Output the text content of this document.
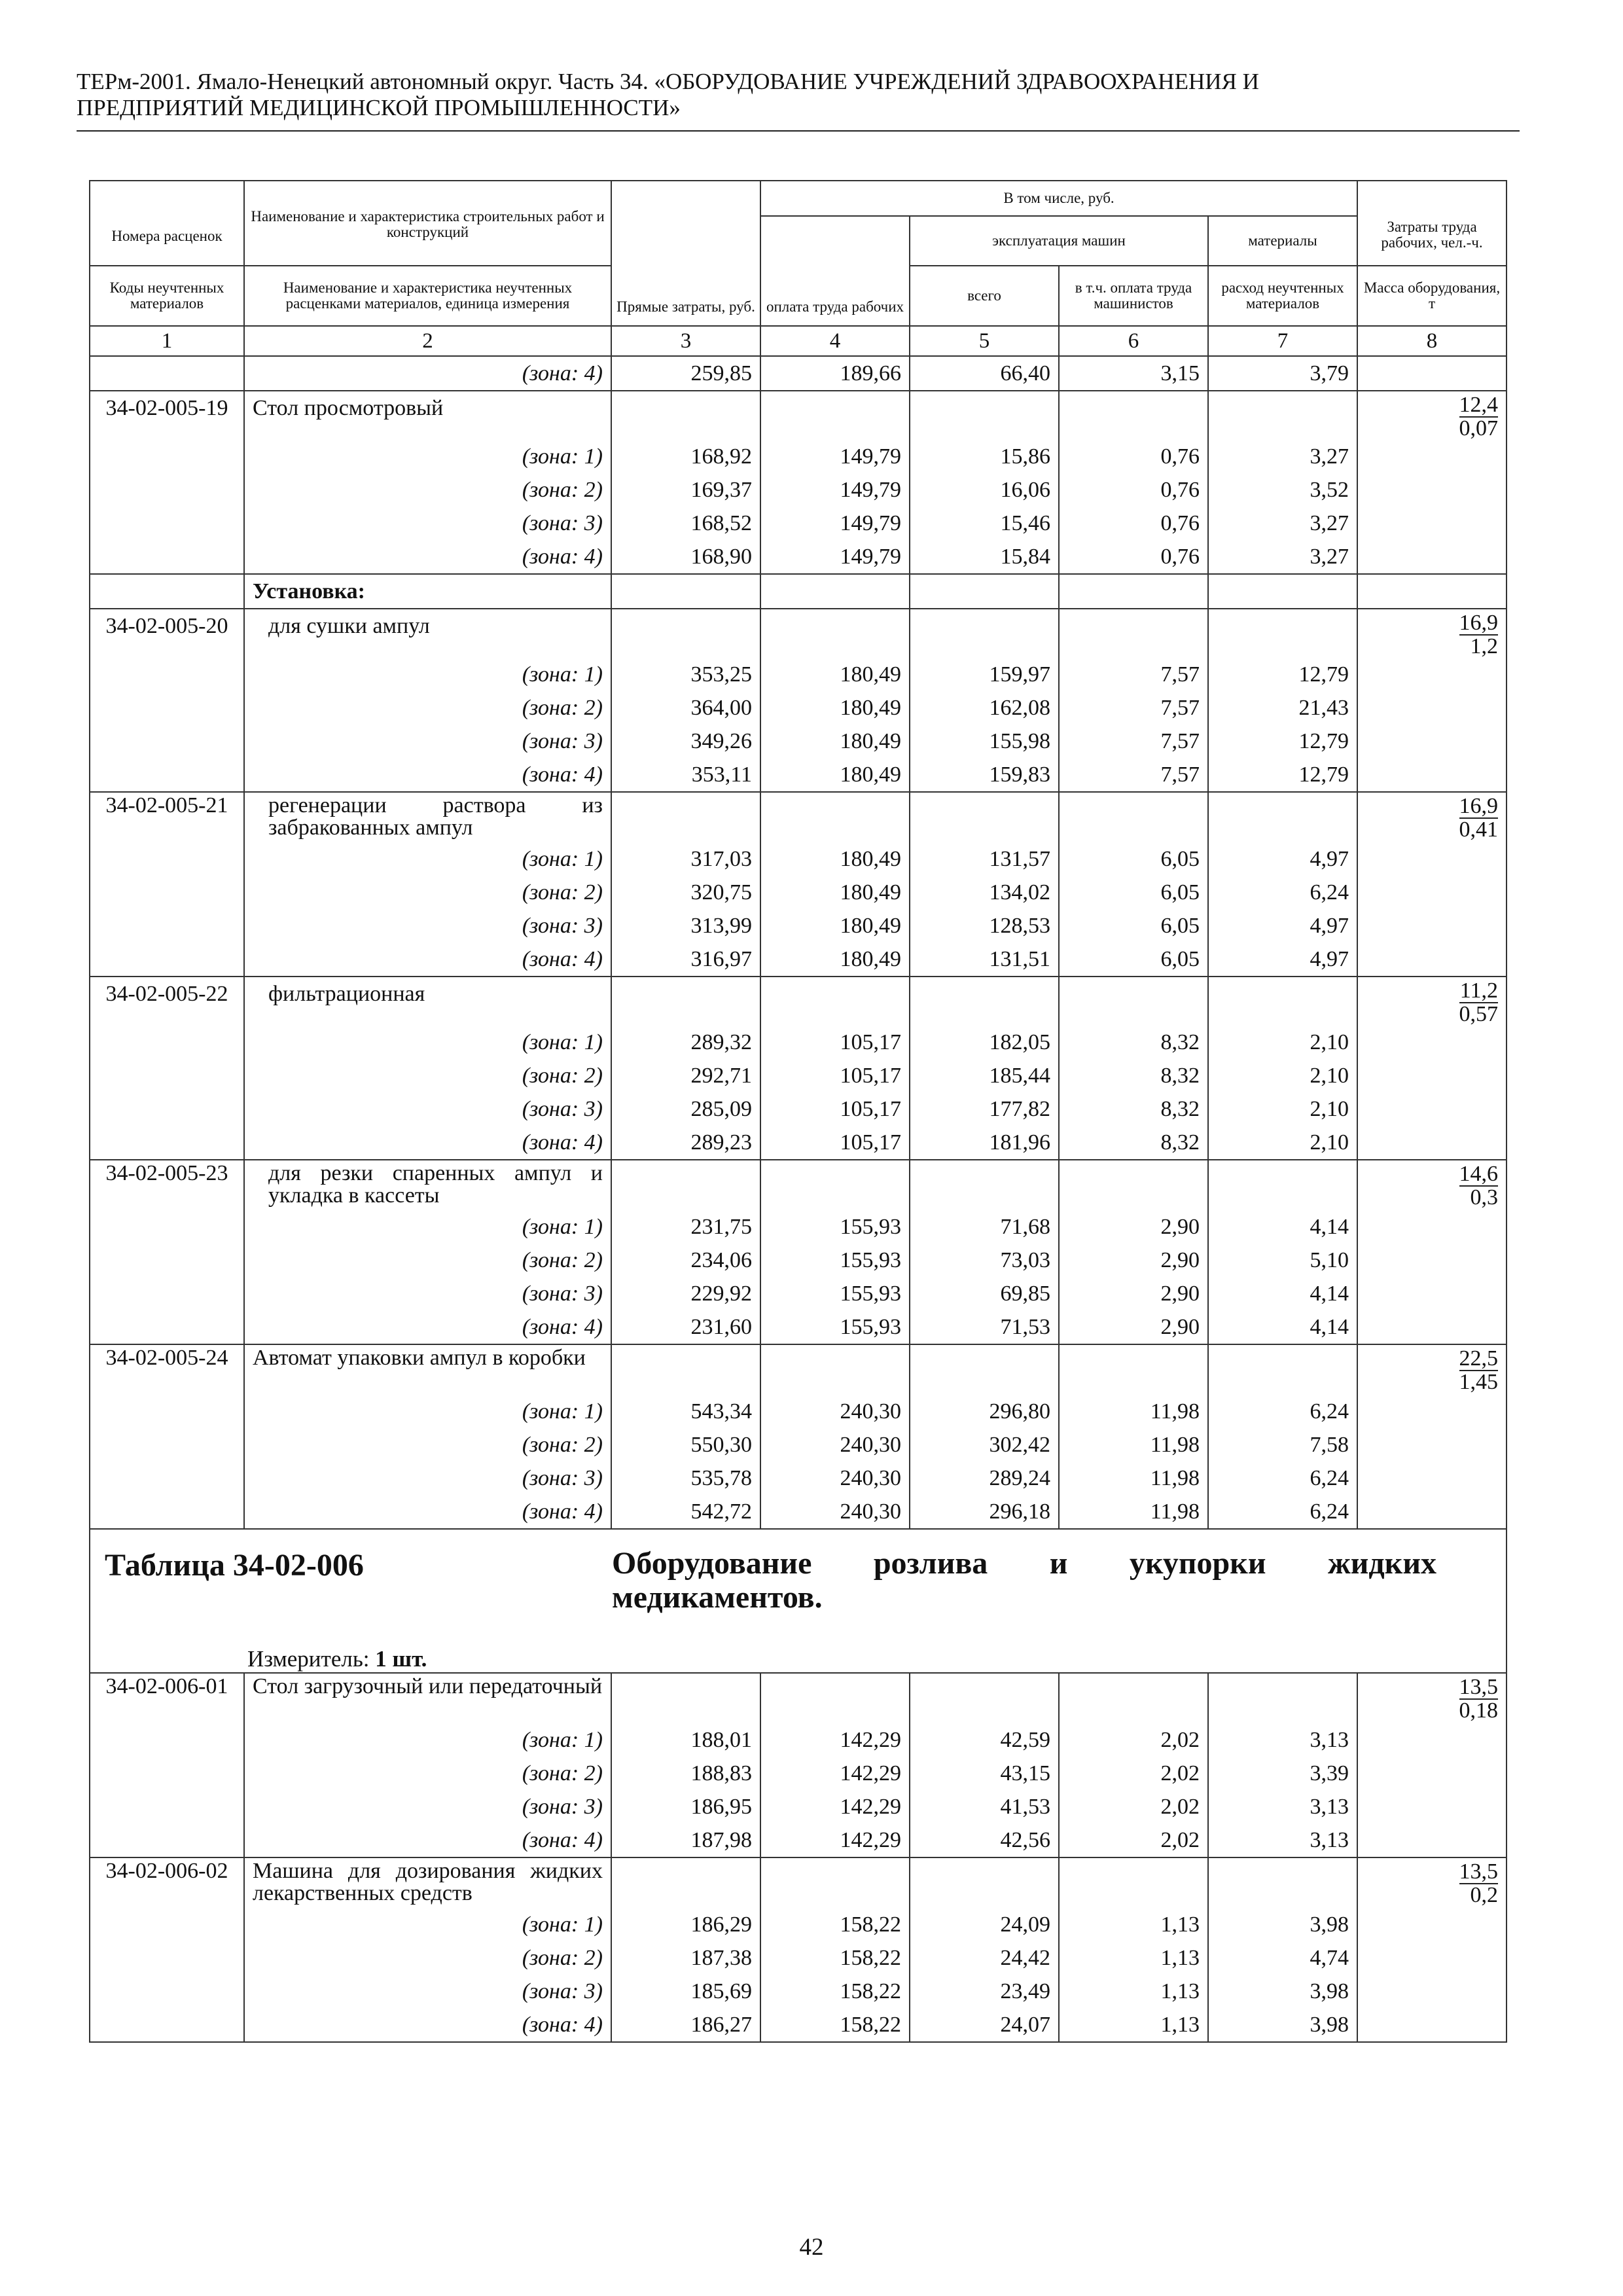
ТЕРм-2001. Ямало-Ненецкий автономный округ. Часть 34. «ОБОРУДОВАНИЕ УЧРЕЖДЕНИЙ ЗДРАВООХРАНЕНИЯ И
ПРЕДПРИЯТИЙ МЕДИЦИНСКОЙ ПРОМЫШЛЕННОСТИ»
Номера расценок	Наименование и характеристика строительных работ и конструкций	Прямые затраты, руб.	В том числе, руб.				Затраты труда рабочих, чел.-ч.

			оплата труда рабочих	эксплуатация машин		материалы	

Коды неучтенных материалов	Наименование и характеристика неучтенных расценками материалов, единица измерения			всего	в т.ч. оплата труда машинистов	расход неучтенных материалов	Масса оборудования, т
1	2	3	4	5	6	7	8
	(зона: 4)	259,85	189,66	66,40	3,15	3,79	
34-02-005-19	Стол просмотровый						$\frac{12,4}{0,07}$

	(зона: 1)	168,92	149,79	15,86	0,76	3,27	
	(зона: 2)	169,37	149,79	16,06	0,76	3,52	
	(зона: 3)	168,52	149,79	15,46	0,76	3,27	
	(зона: 4)	168,90	149,79	15,84	0,76	3,27	
	Установка:						
34-02-005-20	для сушки ампул						$\frac{16,9}{1,2}$

	(зона: 1)	353,25	180,49	159,97	7,57	12,79	
	(зона: 2)	364,00	180,49	162,08	7,57	21,43	
	(зона: 3)	349,26	180,49	155,98	7,57	12,79	
	(зона: 4)	353,11	180,49	159,83	7,57	12,79	
34-02-005-21	регенерации раствора из забракованных ампул						$\frac{16,9}{0,41}$

	(зона: 1)	317,03	180,49	131,57	6,05	4,97	
	(зона: 2)	320,75	180,49	134,02	6,05	6,24	
	(зона: 3)	313,99	180,49	128,53	6,05	4,97	
	(зона: 4)	316,97	180,49	131,51	6,05	4,97	
34-02-005-22	фильтрационная						$\frac{11,2}{0,57}$

	(зона: 1)	289,32	105,17	182,05	8,32	2,10	
	(зона: 2)	292,71	105,17	185,44	8,32	2,10	
	(зона: 3)	285,09	105,17	177,82	8,32	2,10	
	(зона: 4)	289,23	105,17	181,96	8,32	2,10	
34-02-005-23	для резки спаренных ампул и укладка в кассеты						$\frac{14,6}{0,3}$

	(зона: 1)	231,75	155,93	71,68	2,90	4,14	
	(зона: 2)	234,06	155,93	73,03	2,90	5,10	
	(зона: 3)	229,92	155,93	69,85	2,90	4,14	
	(зона: 4)	231,60	155,93	71,53	2,90	4,14	
34-02-005-24	Автомат упаковки ампул в коробки						$\frac{22,5}{1,45}$

	(зона: 1)	543,34	240,30	296,80	11,98	6,24	
	(зона: 2)	550,30	240,30	302,42	11,98	7,58	
	(зона: 3)	535,78	240,30	289,24	11,98	6,24	
	(зона: 4)	542,72	240,30	296,18	11,98	6,24	

Таблица 34-02-006 Оборудование розлива и укупорки жидких медикаментов.
Измеритель: 1 шт.							

34-02-006-01	Стол загрузочный или передаточный						$\frac{13,5}{0,18}$

	(зона: 1)	188,01	142,29	42,59	2,02	3,13	
	(зона: 2)	188,83	142,29	43,15	2,02	3,39	
	(зона: 3)	186,95	142,29	41,53	2,02	3,13	
	(зона: 4)	187,98	142,29	42,56	2,02	3,13	
34-02-006-02	Машина для дозирования жидких лекарственных средств						$\frac{13,5}{0,2}$

	(зона: 1)	186,29	158,22	24,09	1,13	3,98	
	(зона: 2)	187,38	158,22	24,42	1,13	4,74	
	(зона: 3)	185,69	158,22	23,49	1,13	3,98	
	(зона: 4)	186,27	158,22	24,07	1,13	3,98	
42
